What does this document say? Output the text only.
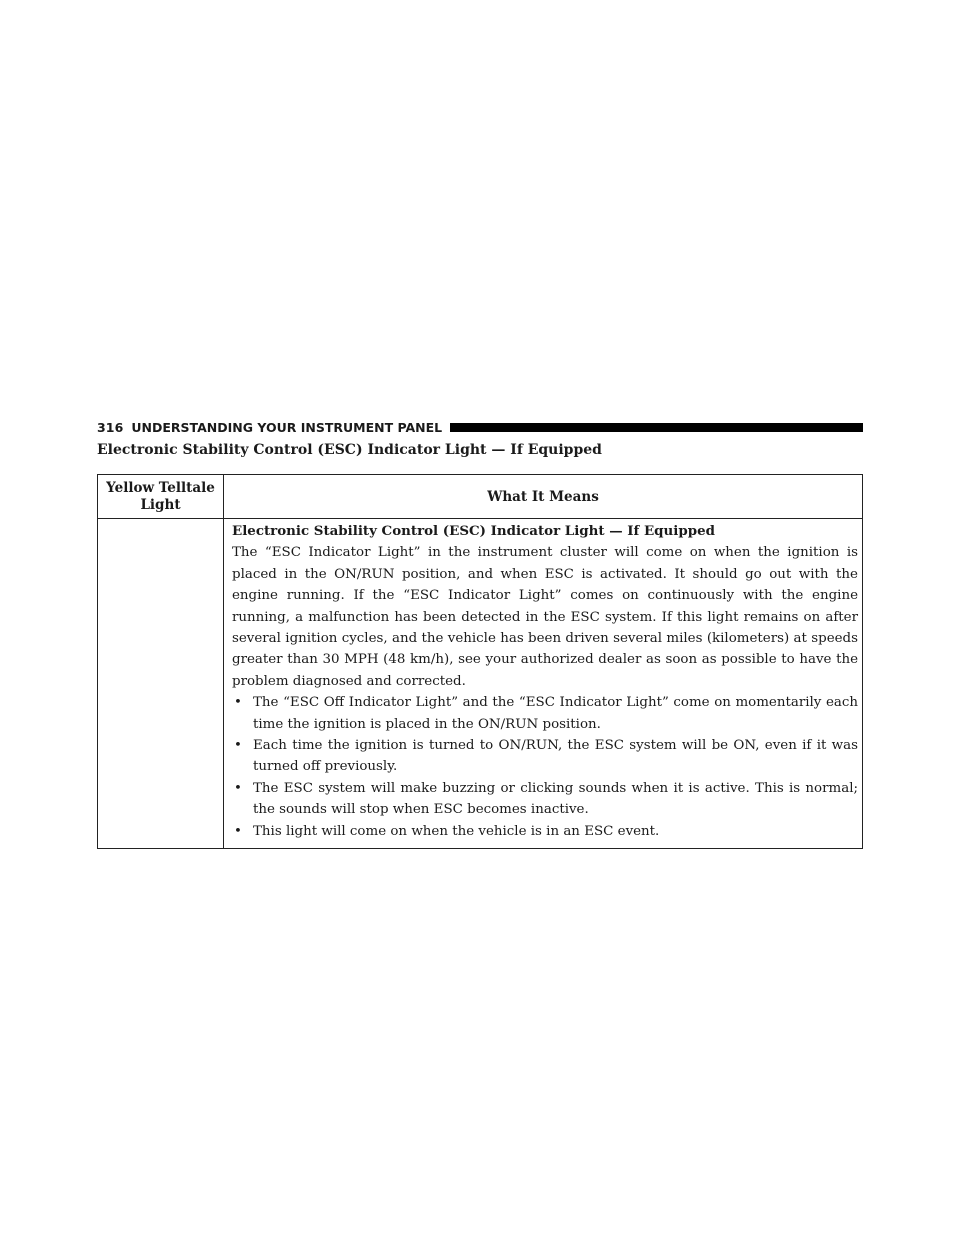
316 UNDERSTANDING YOUR INSTRUMENT PANEL
Electronic Stability Control (ESC) Indicator Light — If Equipped
Yellow Telltale Light	What It Means
Electronic Stability Control (ESC) Indicator Light — If Equipped

The “ESC Indicator Light” in the instrument cluster will come on when the ignition is placed in the ON/RUN position, and when ESC is activated. It should go out with the engine running. If the “ESC Indicator Light” comes on continuously with the engine running, a malfunction has been detected in the ESC system. If this light remains on after several ignition cycles, and the vehicle has been driven several miles (kilometers) at speeds greater than 30 MPH (48 km/h), see your authorized dealer as soon as possible to have the problem diagnosed and corrected.

• The “ESC Off Indicator Light” and the “ESC Indicator Light” come on momentarily each time the ignition is placed in the ON/RUN position.
• Each time the ignition is turned to ON/RUN, the ESC system will be ON, even if it was turned off previously.
• The ESC system will make buzzing or clicking sounds when it is active. This is normal; the sounds will stop when ESC becomes inactive.
• This light will come on when the vehicle is in an ESC event.
